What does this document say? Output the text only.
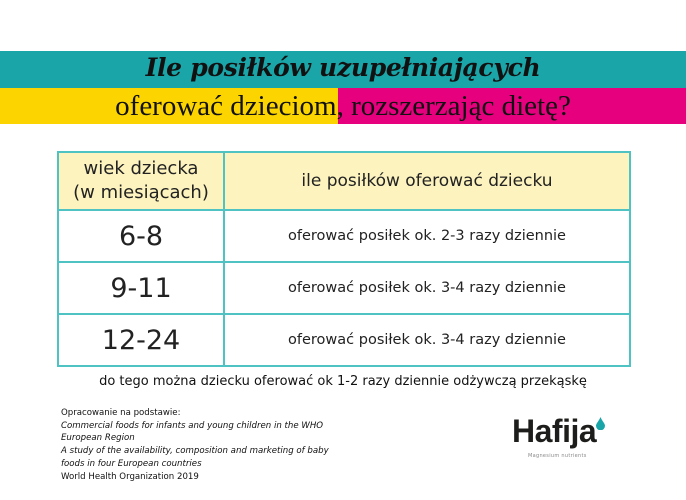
Ile posiłków uzupełniających
oferować dzieciom, rozszerzając dietę?
wiek dziecka
(w miesiącach)	ile posiłków oferować dziecku
6-8	oferować posiłek ok. 2-3 razy dziennie
9-11	oferować posiłek ok. 3-4 razy dziennie
12-24	oferować posiłek ok. 3-4 razy dziennie
do tego można dziecku oferować ok 1-2 razy dziennie odżywczą przekąskę
Opracowanie na podstawie:
Commercial foods for infants and young children in the WHO European Region
A study of the availability, composition and marketing of baby foods in four European countries
World Health Organization 2019
Hafija
Magnesium nutrients
